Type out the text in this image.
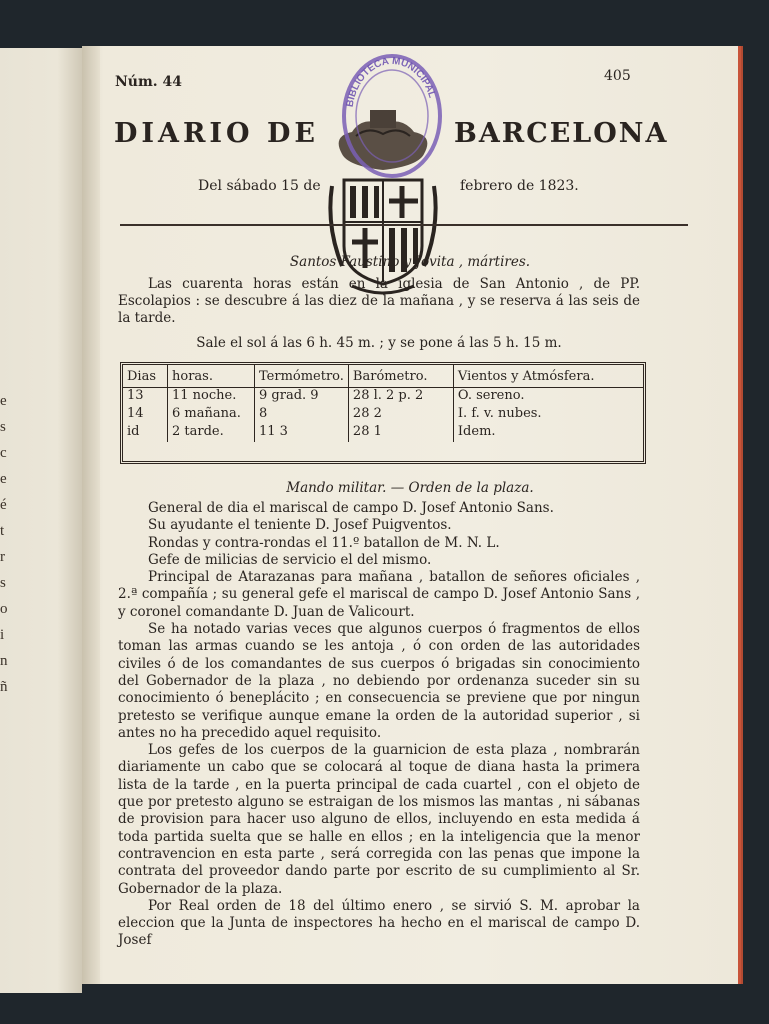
e
s
c
e
é
t
r
s
o
i
n
ñ
Núm. 44	405
DIARIO DE	BARCELONA
BIBLIOTECA MUNICIPAL
Del sábado 15 de	febrero de 1823.
Santos Faustino y Jovita , mártires.
Las cuarenta horas están en la iglesia de San Antonio , de PP. Escolapios : se descubre á las diez de la mañana , y se reserva á las seis de la tarde.
Sale el sol á las 6 h. 45 m. ; y se pone á las 5 h. 15 m.
Dias	horas.	Termómetro.	Barómetro.	Vientos y Atmósfera.
13	11 noche.	9 grad. 9	28 l. 2 p. 2	O. sereno.
14	6 mañana.	8	28 2	I. f. v. nubes.
id	2 tarde.	11 3	28 1	Idem.
Mando militar. — Orden de la plaza.

General de dia el mariscal de campo D. Josef Antonio Sans.

Su ayudante el teniente D. Josef Puigventos.

Rondas y contra-rondas el 11.º batallon de M. N. L.

Gefe de milicias de servicio el del mismo.

Principal de Atarazanas para mañana , batallon de señores oficiales , 2.ª compañía ; su general gefe el mariscal de campo D. Josef Antonio Sans , y coronel comandante D. Juan de Valicourt.

Se ha notado varias veces que algunos cuerpos ó fragmentos de ellos toman las armas cuando se les antoja , ó con orden de las autoridades civiles ó de los comandantes de sus cuerpos ó brigadas sin conocimiento del Gobernador de la plaza , no debiendo por ordenanza suceder sin su conocimiento ó beneplácito ; en consecuencia se previene que por ningun pretesto se verifique aunque emane la orden de la autoridad superior , si antes no ha precedido aquel requisito.

Los gefes de los cuerpos de la guarnicion de esta plaza , nombrarán diariamente un cabo que se colocará al toque de diana hasta la primera lista de la tarde , en la puerta principal de cada cuartel , con el objeto de que por pretesto alguno se estraigan de los mismos las mantas , ni sábanas de provision para hacer uso alguno de ellos, incluyendo en esta medida á toda partida suelta que se halle en ellos ; en la inteligencia que la menor contravencion en esta parte , será corregida con las penas que impone la contrata del proveedor dando parte por escrito de su cumplimiento al Sr. Gobernador de la plaza.

Por Real orden de 18 del último enero , se sirvió S. M. aprobar la eleccion que la Junta de inspectores ha hecho en el mariscal de campo D. Josef
